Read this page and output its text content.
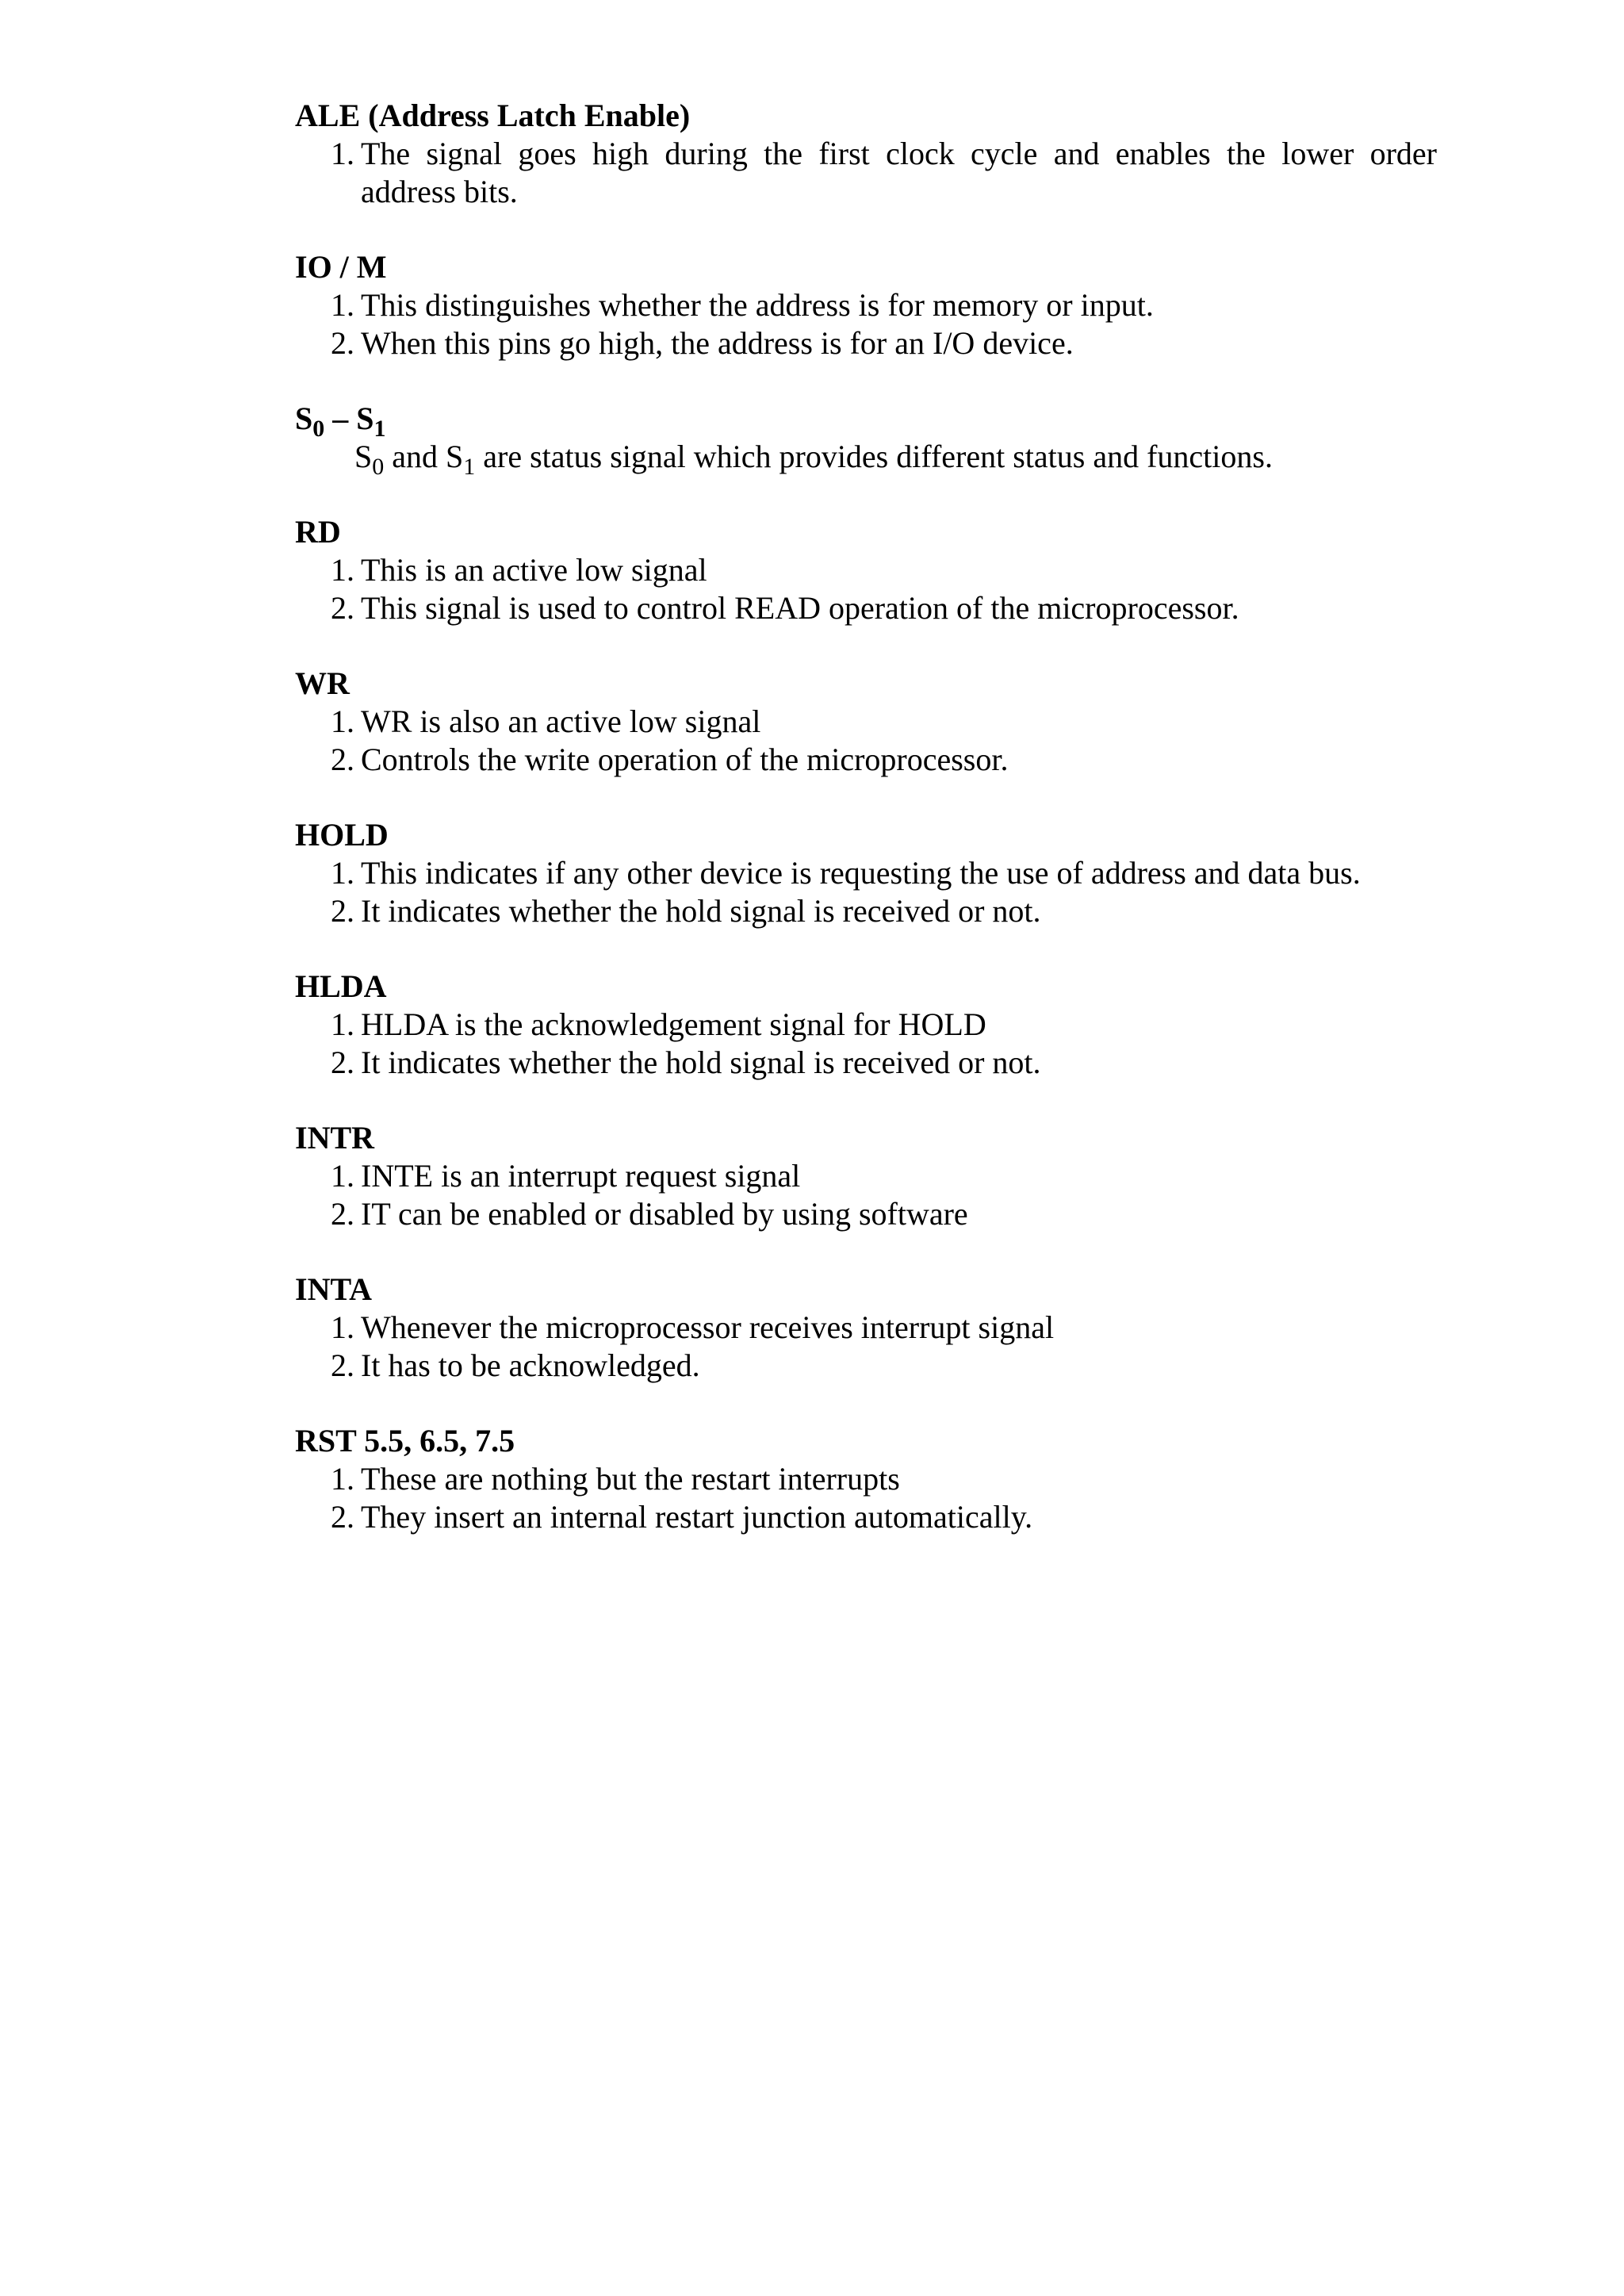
ALE (Address Latch Enable)

1. The signal goes high during the first clock cycle and enables the lower order
address bits.

IO / M

1. This distinguishes whether the address is for memory or input.
2. When this pins go high, the address is for an I/O device.

$S_0 - S_1$

$S_0$ and $S_1$ are status signal which provides different status and functions.

RD

1. This is an active low signal
2. This signal is used to control READ operation of the microprocessor.

WR

1. WR is also an active low signal
2. Controls the write operation of the microprocessor.

HOLD

1. This indicates if any other device is requesting the use of address and data bus.
2. It indicates whether the hold signal is received or not.

HLDA

1. HLDA is the acknowledgement signal for HOLD
2. It indicates whether the hold signal is received or not.

INTR

1. INTE is an interrupt request signal
2. IT can be enabled or disabled by using software

INTA

1. Whenever the microprocessor receives interrupt signal
2. It has to be acknowledged.

RST 5.5, 6.5, 7.5

1. These are nothing but the restart interrupts
2. They insert an internal restart junction automatically.
